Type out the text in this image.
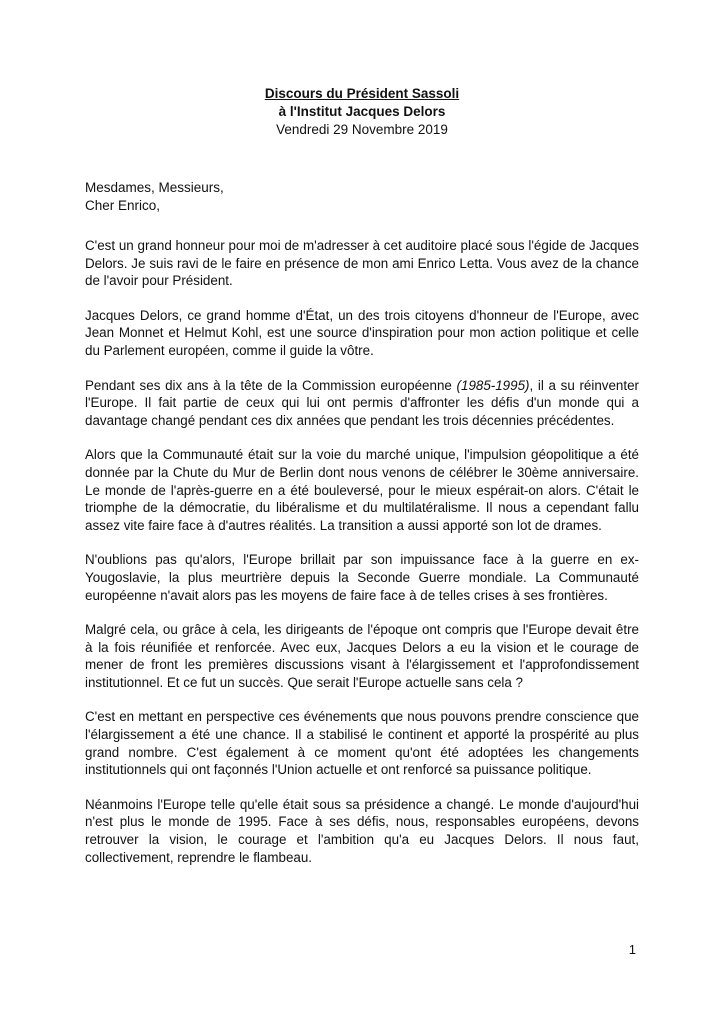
Discours du Président Sassoli
à l'Institut Jacques Delors
Vendredi 29 Novembre 2019
Mesdames, Messieurs,
Cher Enrico,

C'est un grand honneur pour moi de m'adresser à cet auditoire placé sous l'égide de Jacques Delors. Je suis ravi de le faire en présence de mon ami Enrico Letta. Vous avez de la chance de l'avoir pour Président.

Jacques Delors, ce grand homme d'État, un des trois citoyens d'honneur de l'Europe, avec Jean Monnet et Helmut Kohl, est une source d'inspiration pour mon action politique et celle du Parlement européen, comme il guide la vôtre.

Pendant ses dix ans à la tête de la Commission européenne (1985-1995), il a su réinventer l'Europe. Il fait partie de ceux qui lui ont permis d'affronter les défis d'un monde qui a davantage changé pendant ces dix années que pendant les trois décennies précédentes.

Alors que la Communauté était sur la voie du marché unique, l'impulsion géopolitique a été donnée par la Chute du Mur de Berlin dont nous venons de célébrer le 30ème anniversaire. Le monde de l'après-guerre en a été bouleversé, pour le mieux espérait-on alors. C'était le triomphe de la démocratie, du libéralisme et du multilatéralisme. Il nous a cependant fallu assez vite faire face à d'autres réalités. La transition a aussi apporté son lot de drames.

N'oublions pas qu'alors, l'Europe brillait par son impuissance face à la guerre en ex-Yougoslavie, la plus meurtrière depuis la Seconde Guerre mondiale. La Communauté européenne n'avait alors pas les moyens de faire face à de telles crises à ses frontières.

Malgré cela, ou grâce à cela, les dirigeants de l'époque ont compris que l'Europe devait être à la fois réunifiée et renforcée. Avec eux, Jacques Delors a eu la vision et le courage de mener de front les premières discussions visant à l'élargissement et l'approfondissement institutionnel. Et ce fut un succès. Que serait l'Europe actuelle sans cela ?

C'est en mettant en perspective ces événements que nous pouvons prendre conscience que l'élargissement a été une chance. Il a stabilisé le continent et apporté la prospérité au plus grand nombre. C'est également à ce moment qu'ont été adoptées les changements institutionnels qui ont façonnés l'Union actuelle et ont renforcé sa puissance politique.

Néanmoins l'Europe telle qu'elle était sous sa présidence a changé. Le monde d'aujourd'hui n'est plus le monde de 1995. Face à ses défis, nous, responsables européens, devons retrouver la vision, le courage et l'ambition qu'a eu Jacques Delors. Il nous faut, collectivement, reprendre le flambeau.

1
